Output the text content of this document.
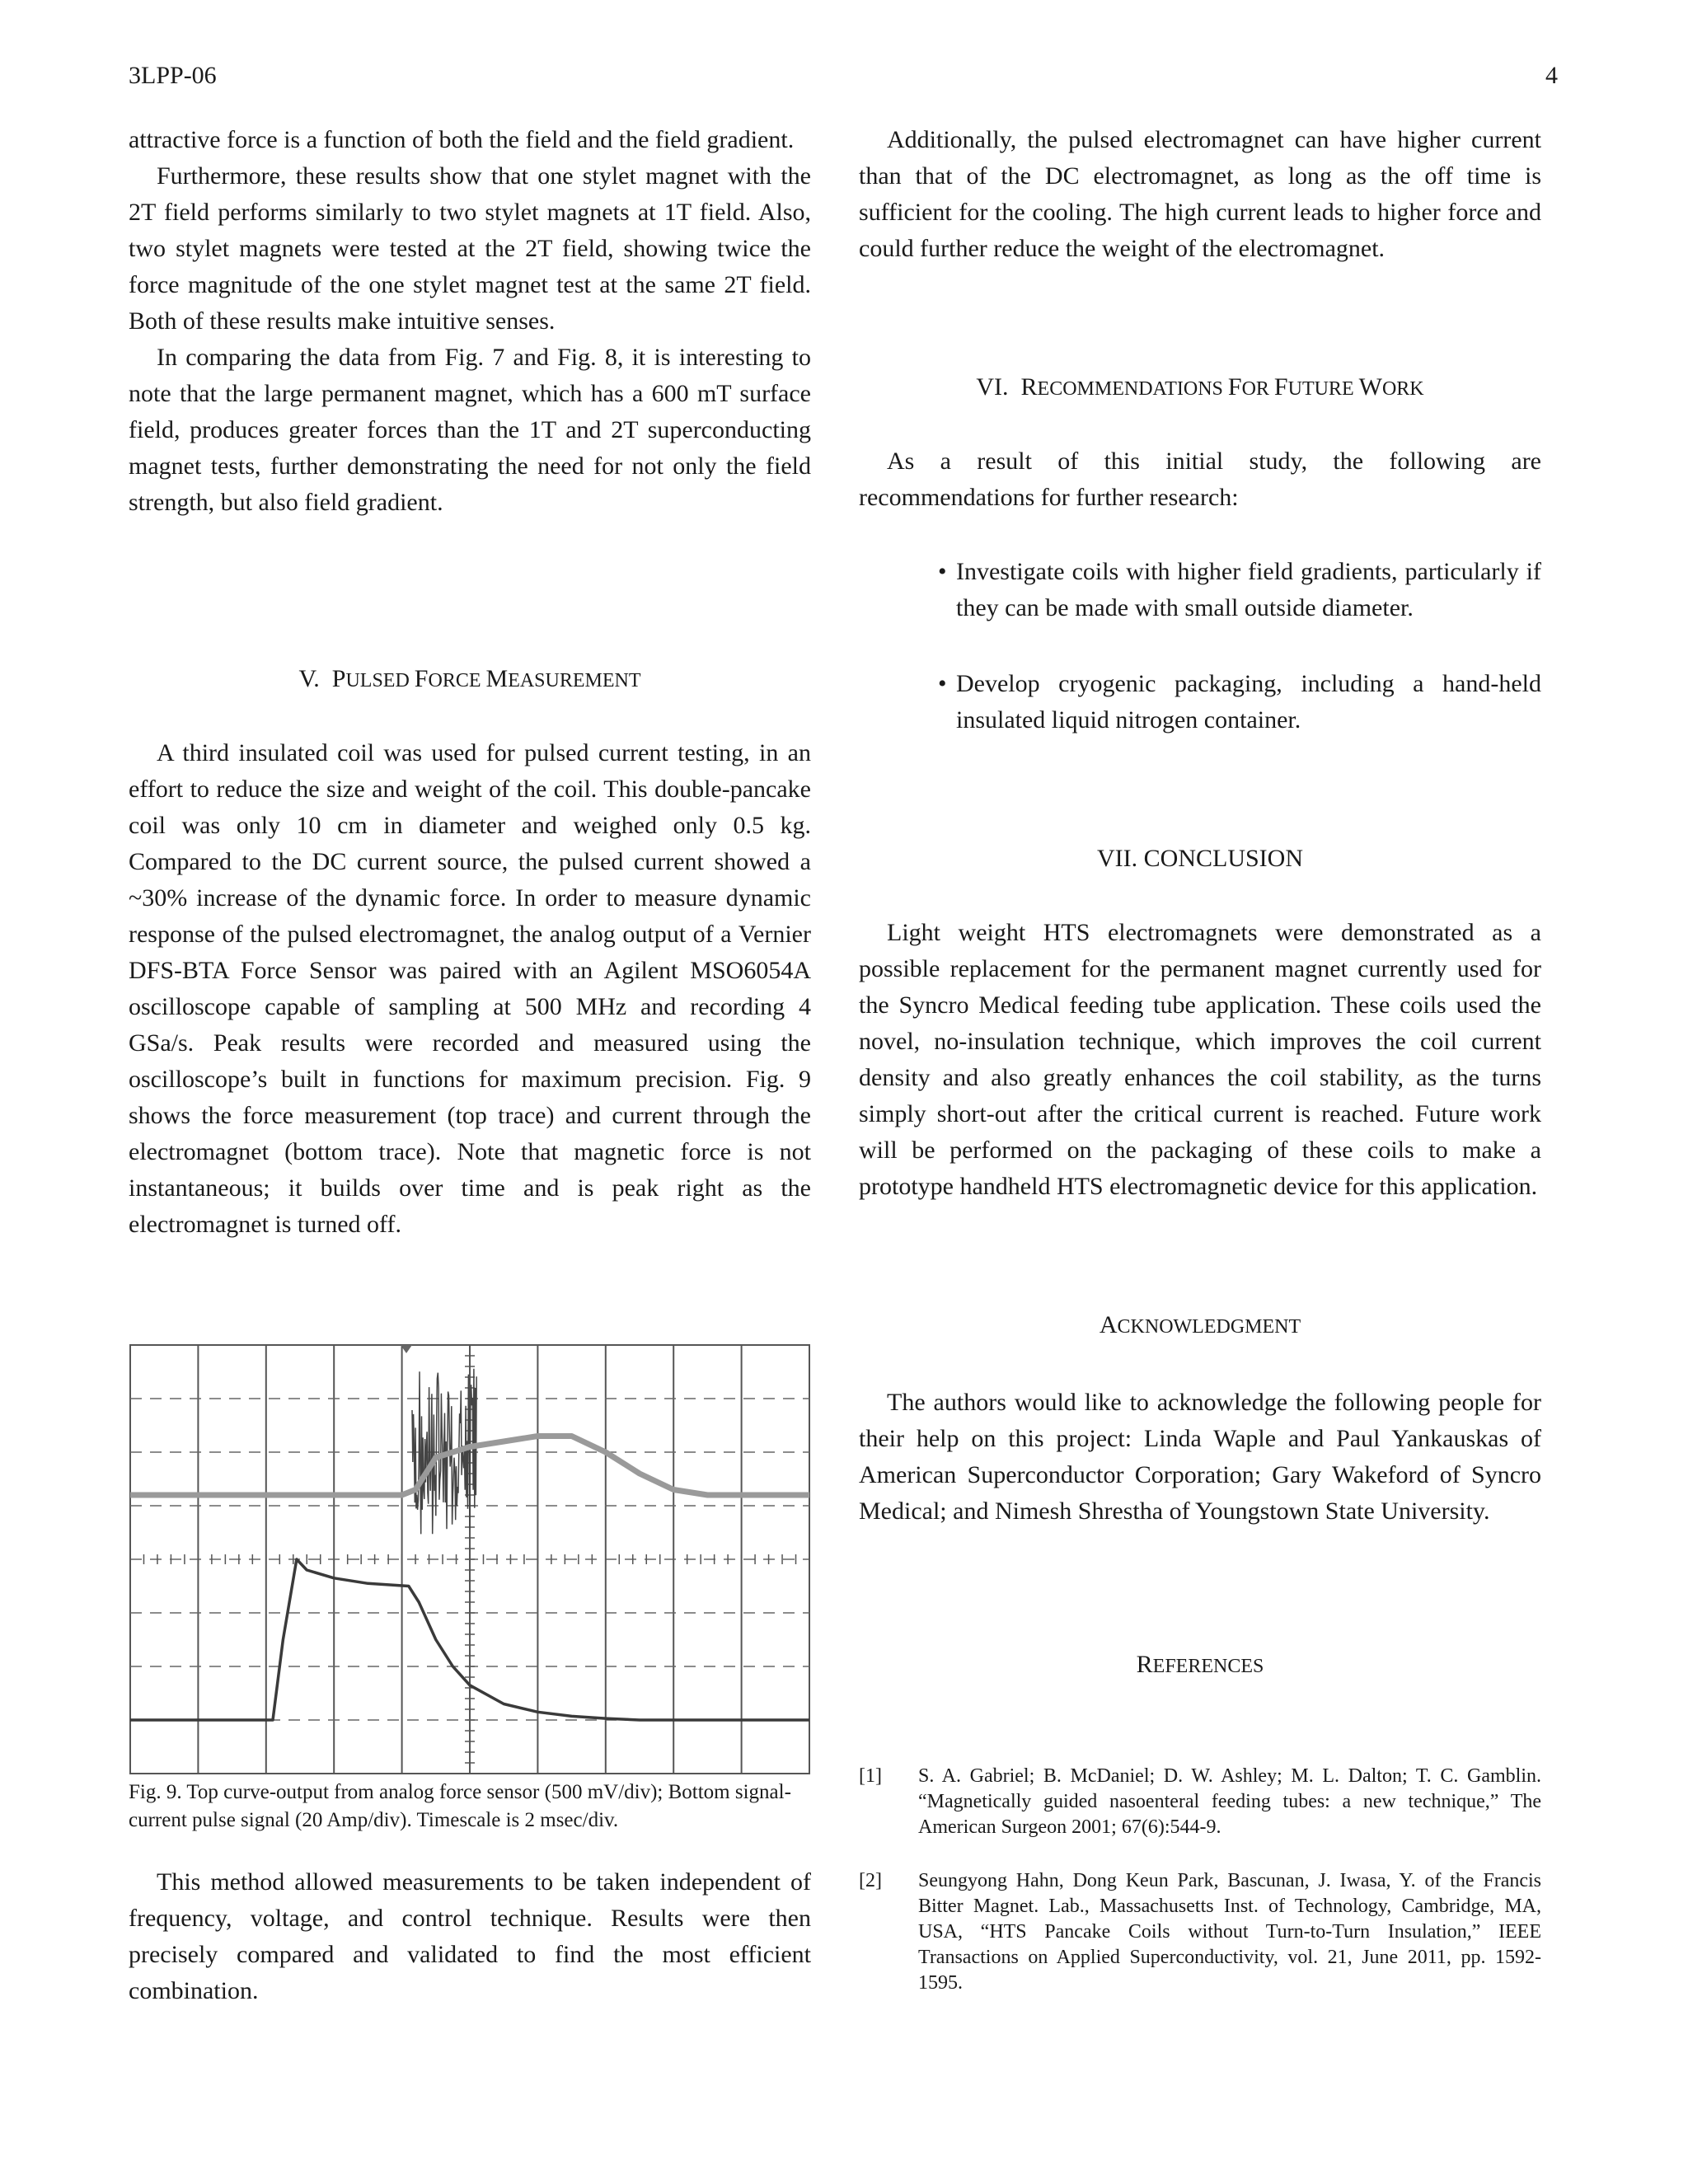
3LPP-06	4

attractive force is a function of both the field and the field gradient.

Furthermore, these results show that one stylet magnet with the 2T field performs similarly to two stylet magnets at 1T field. Also, two stylet magnets were tested at the 2T field, showing twice the force magnitude of the one stylet magnet test at the same 2T field. Both of these results make intuitive senses.

In comparing the data from Fig. 7 and Fig. 8, it is interesting to note that the large permanent magnet, which has a 600 mT surface field, produces greater forces than the 1T and 2T superconducting magnet tests, further demonstrating the need for not only the field strength, but also field gradient.

V. PULSED FORCE MEASUREMENT

A third insulated coil was used for pulsed current testing, in an effort to reduce the size and weight of the coil. This double-pancake coil was only 10 cm in diameter and weighed only 0.5 kg. Compared to the DC current source, the pulsed current showed a ~30% increase of the dynamic force. In order to measure dynamic response of the pulsed electromagnet, the analog output of a Vernier DFS-BTA Force Sensor was paired with an Agilent MSO6054A oscilloscope capable of sampling at 500 MHz and recording 4 GSa/s. Peak results were recorded and measured using the oscilloscope’s built in functions for maximum precision. Fig. 9 shows the force measurement (top trace) and current through the electromagnet (bottom trace). Note that magnetic force is not instantaneous; it builds over time and is peak right as the electromagnet is turned off.

Fig. 9. Top curve-output from analog force sensor (500 mV/div); Bottom signal-current pulse signal (20 Amp/div). Timescale is 2 msec/div.

This method allowed measurements to be taken independent of frequency, voltage, and control technique. Results were then precisely compared and validated to find the most efficient combination.

Additionally, the pulsed electromagnet can have higher current than that of the DC electromagnet, as long as the off time is sufficient for the cooling. The high current leads to higher force and could further reduce the weight of the electromagnet.

VI. RECOMMENDATIONS FOR FUTURE WORK

As a result of this initial study, the following are recommendations for further research:

• Investigate coils with higher field gradients, particularly if they can be made with small outside diameter.
• Develop cryogenic packaging, including a hand-held insulated liquid nitrogen container.

VII. CONCLUSION

Light weight HTS electromagnets were demonstrated as a possible replacement for the permanent magnet currently used for the Syncro Medical feeding tube application. These coils used the novel, no-insulation technique, which improves the coil current density and also greatly enhances the coil stability, as the turns simply short-out after the critical current is reached. Future work will be performed on the packaging of these coils to make a prototype handheld HTS electromagnetic device for this application.

ACKNOWLEDGMENT

The authors would like to acknowledge the following people for their help on this project: Linda Waple and Paul Yankauskas of American Superconductor Corporation; Gary Wakeford of Syncro Medical; and Nimesh Shrestha of Youngstown State University.

REFERENCES

[1] S. A. Gabriel; B. McDaniel; D. W. Ashley; M. L. Dalton; T. C. Gamblin. “Magnetically guided nasoenteral feeding tubes: a new technique,” The American Surgeon 2001; 67(6):544-9.

[2] Seungyong Hahn, Dong Keun Park, Bascunan, J. Iwasa, Y. of the Francis Bitter Magnet. Lab., Massachusetts Inst. of Technology, Cambridge, MA, USA, “HTS Pancake Coils without Turn-to-Turn Insulation,” IEEE Transactions on Applied Superconductivity, vol. 21, June 2011, pp. 1592-1595.
